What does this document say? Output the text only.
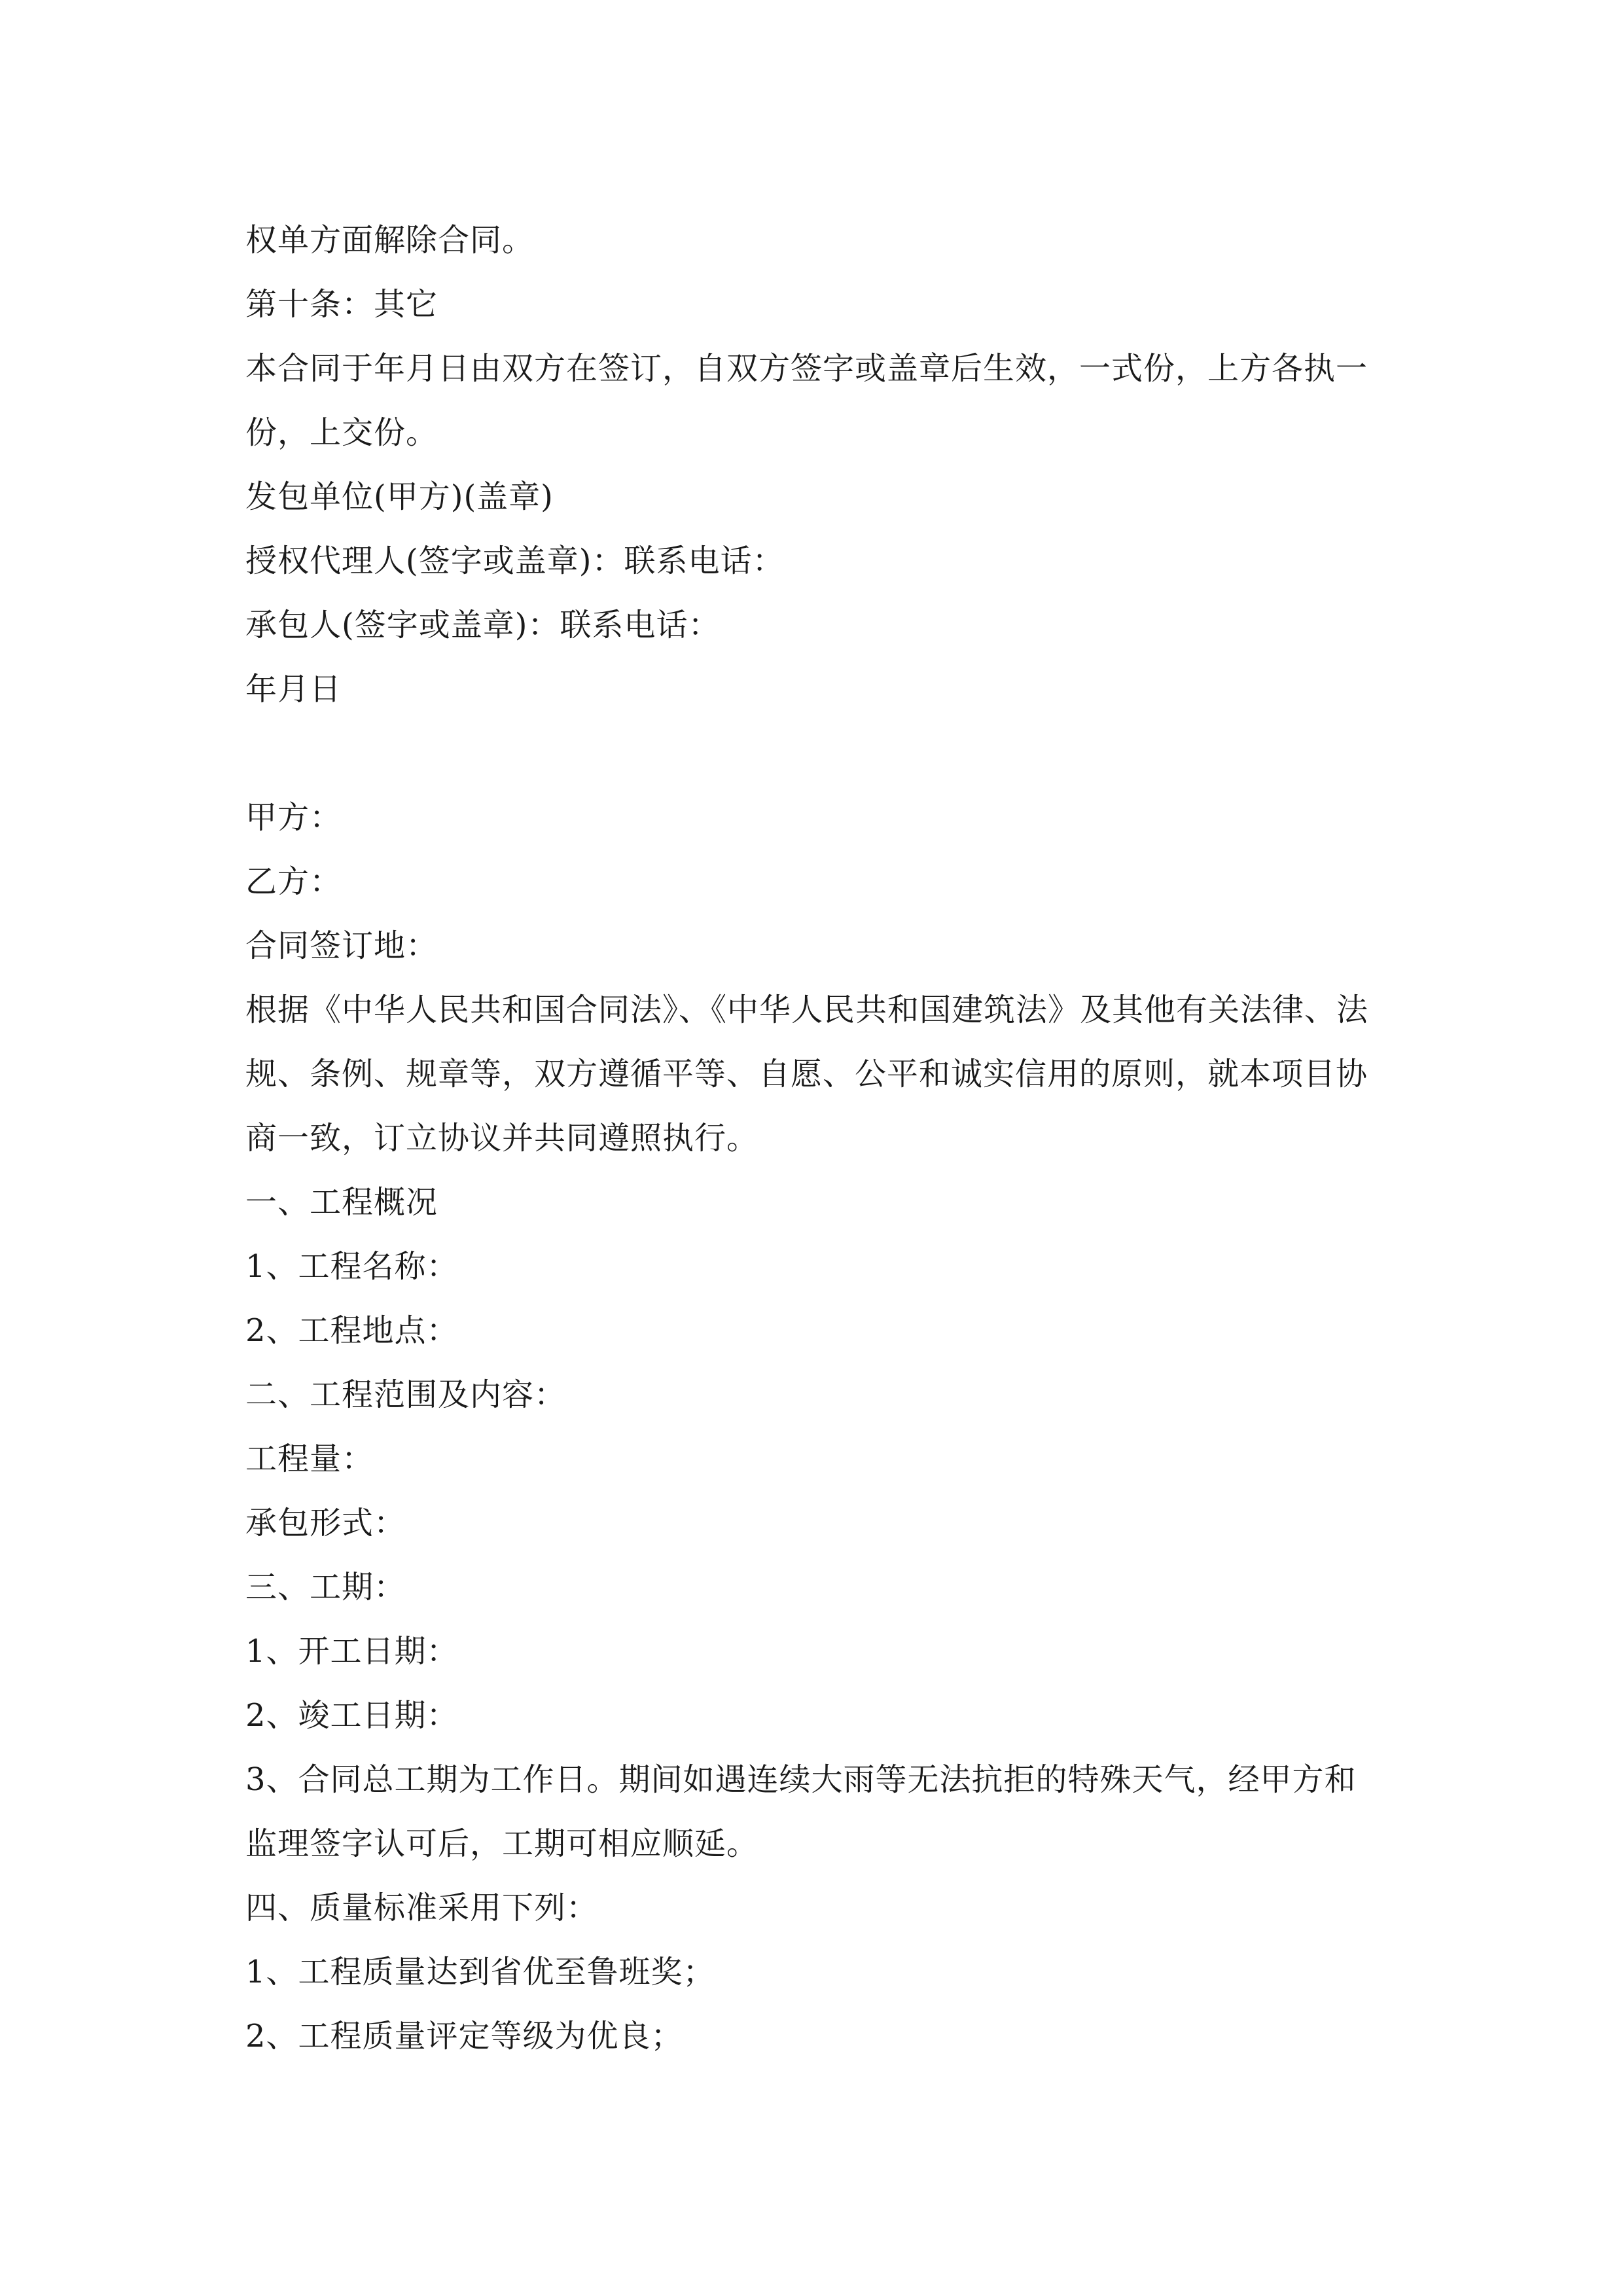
权单方面解除合同。
第十条：其它
本合同于年月日由双方在签订，自双方签字或盖章后生效，一式份，上方各执一
份，上交份。
发包单位(甲方)(盖章)
授权代理人(签字或盖章)：联系电话：
承包人(签字或盖章)：联系电话：
年月日
甲方：
乙方：
合同签订地：
根据《中华人民共和国合同法》、《中华人民共和国建筑法》及其他有关法律、法
规、条例、规章等，双方遵循平等、自愿、公平和诚实信用的原则，就本项目协
商一致，订立协议并共同遵照执行。
一、工程概况
1、工程名称：
2、工程地点：
二、工程范围及内容：
工程量：
承包形式：
三、工期：
1、开工日期：
2、竣工日期：
3、合同总工期为工作日。期间如遇连续大雨等无法抗拒的特殊天气，经甲方和
监理签字认可后，工期可相应顺延。
四、质量标准采用下列：
1、工程质量达到省优至鲁班奖；
2、工程质量评定等级为优良；
